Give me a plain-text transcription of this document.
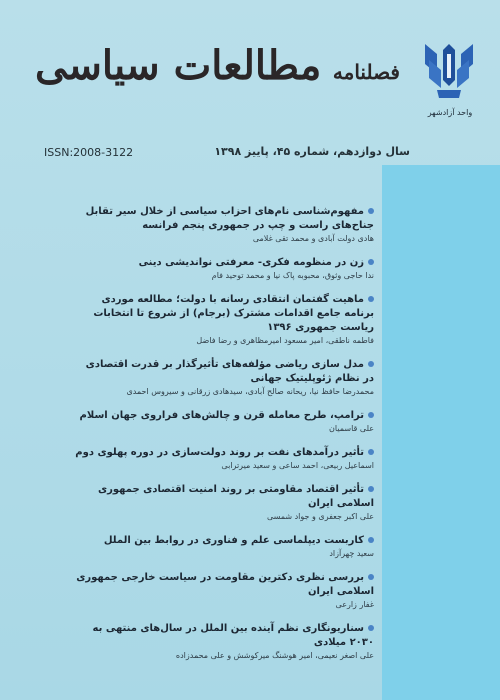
واحد آزادشهر
فصلنامه مطالعات سیاسی
ISSN:2008-3122	سال دوازدهم، شماره ۴۵، پاییز ۱۳۹۸
مفهوم‌شناسی نام‌های احزاب سیاسی از خلال سیر تقابل جناح‌های راست و چپ در جمهوری پنجم فرانسه
هادی دولت آبادی و محمد تقی غلامی
زن در منظومه فکری- معرفتی نواندیشی دینی
ندا حاجی وثوق، محبوبه پاک نیا و محمد توحید فام
ماهیت گفتمان انتقادی رسانه با دولت؛ مطالعه موردی برنامه جامع اقدامات مشترک (برجام) از شروع تا انتخابات ریاست جمهوری ۱۳۹۶
فاطمه ناطقی، امیر مسعود امیرمظاهری و رضا فاضل
مدل سازی ریاضی مؤلفه‌های تأثیرگذار بر قدرت اقتصادی در نظام ژئوپلیتیک جهانی
محمدرضا حافظ نیا، ریحانه صالح آبادی، سیدهادی زرقانی و سیروس احمدی
ترامپ، طرح معامله قرن و چالش‌های فراروی جهان اسلام
علی قاسمیان
تأثیر درآمدهای نفت بر روند دولت‌سازی در دوره پهلوی دوم
اسماعیل ربیعی، احمد ساعی و سعید میرترابی
تأثیر اقتصاد مقاومتی بر روند امنیت اقتصادی جمهوری اسلامی ایران
علی اکبر جعفری و جواد شمسی
کاربست دیپلماسی علم و فناوری در روابط بین الملل
سعید چهرآزاد
بررسی نظری دکترین مقاومت در سیاست خارجی جمهوری اسلامی ایران
غفار زارعی
سناریونگاری نظم آینده بین الملل در سال‌های منتهی به ۲۰۳۰ میلادی
علی اصغر نعیمی، امیر هوشنگ میرکوشش و علی محمدزاده
